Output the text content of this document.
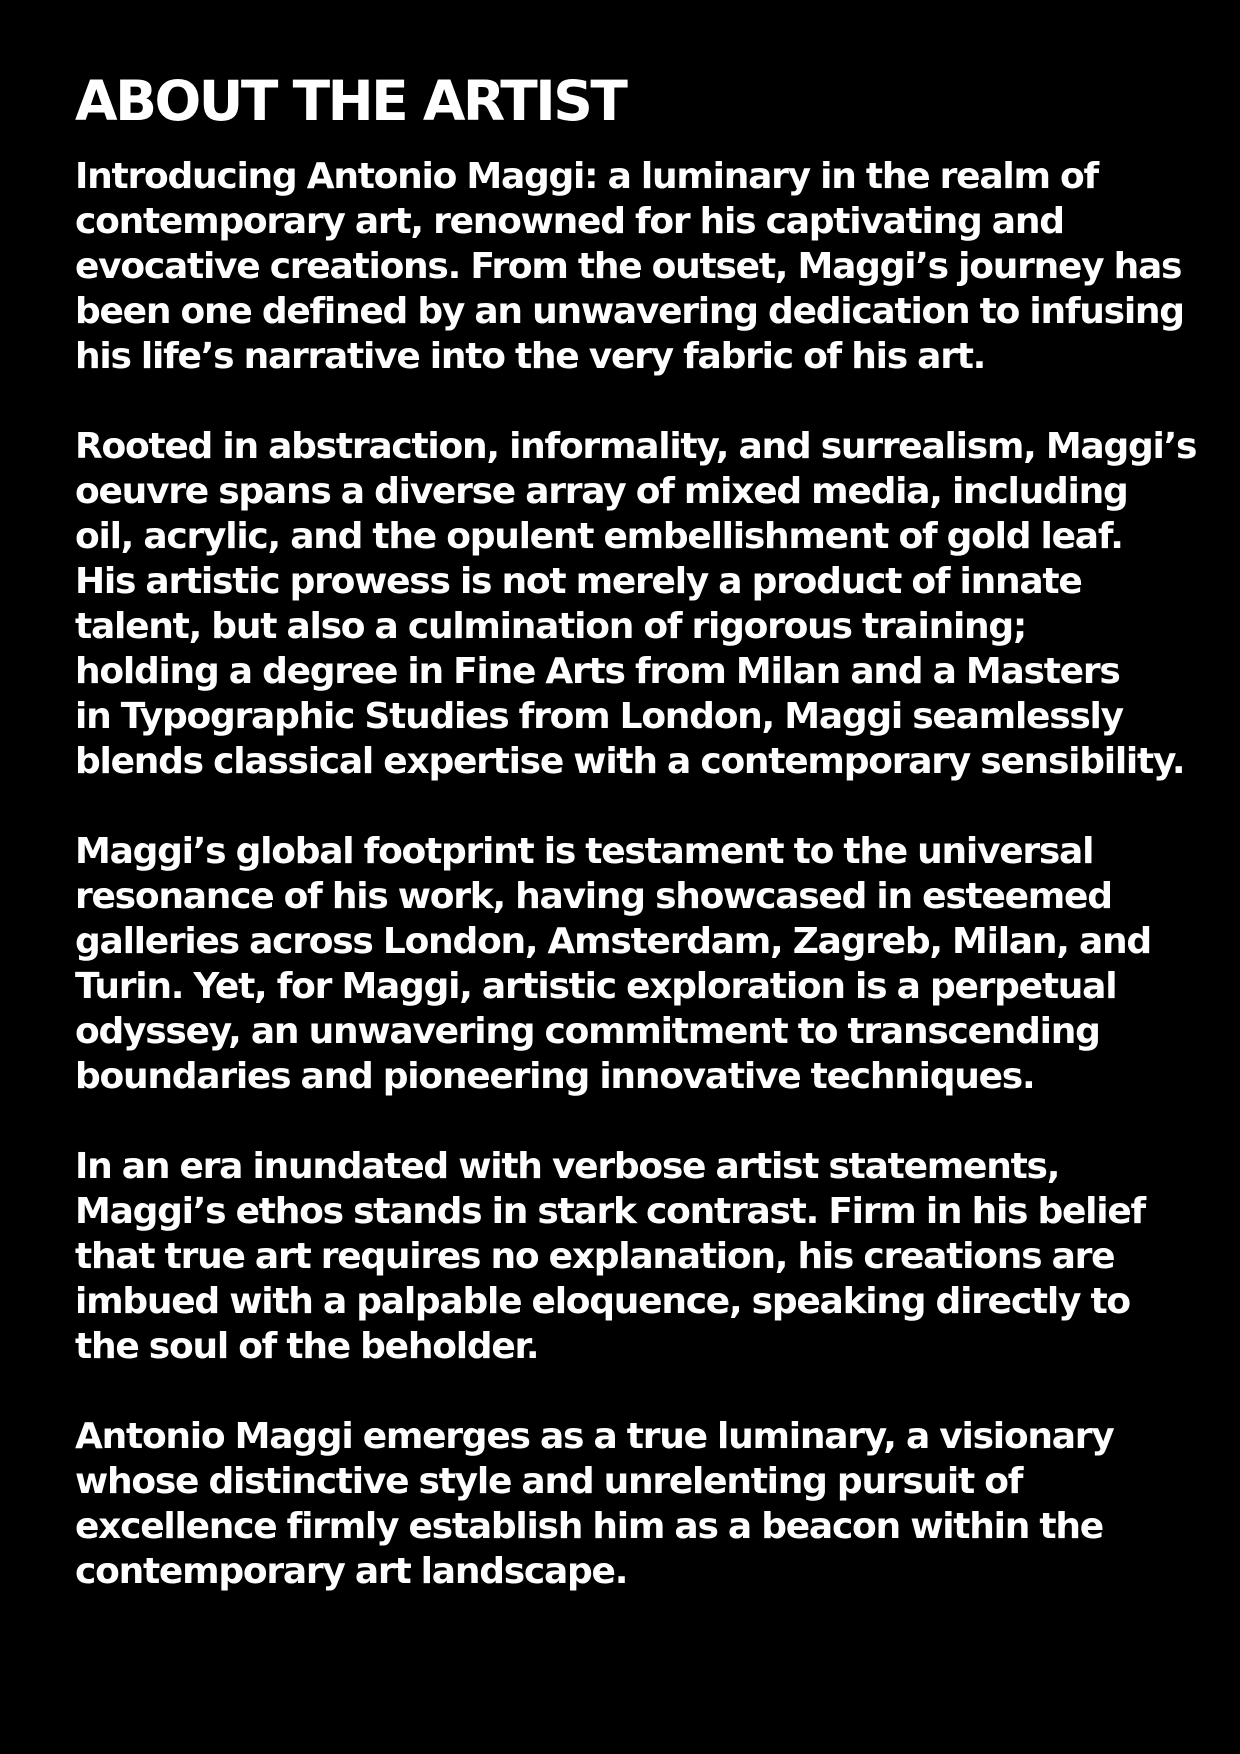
ABOUT THE ARTIST

Introducing Antonio Maggi: a luminary in the realm of
contemporary art, renowned for his captivating and
evocative creations. From the outset, Maggi’s journey has
been one defined by an unwavering dedication to infusing
his life’s narrative into the very fabric of his art.

Rooted in abstraction, informality, and surrealism, Maggi’s
oeuvre spans a diverse array of mixed media, including
oil, acrylic, and the opulent embellishment of gold leaf.
His artistic prowess is not merely a product of innate
talent, but also a culmination of rigorous training;
holding a degree in Fine Arts from Milan and a Masters
in Typographic Studies from London, Maggi seamlessly
blends classical expertise with a contemporary sensibility.

Maggi’s global footprint is testament to the universal
resonance of his work, having showcased in esteemed
galleries across London, Amsterdam, Zagreb, Milan, and
Turin. Yet, for Maggi, artistic exploration is a perpetual
odyssey, an unwavering commitment to transcending
boundaries and pioneering innovative techniques.

In an era inundated with verbose artist statements,
Maggi’s ethos stands in stark contrast. Firm in his belief
that true art requires no explanation, his creations are
imbued with a palpable eloquence, speaking directly to
the soul of the beholder.

Antonio Maggi emerges as a true luminary, a visionary
whose distinctive style and unrelenting pursuit of
excellence firmly establish him as a beacon within the
contemporary art landscape.
